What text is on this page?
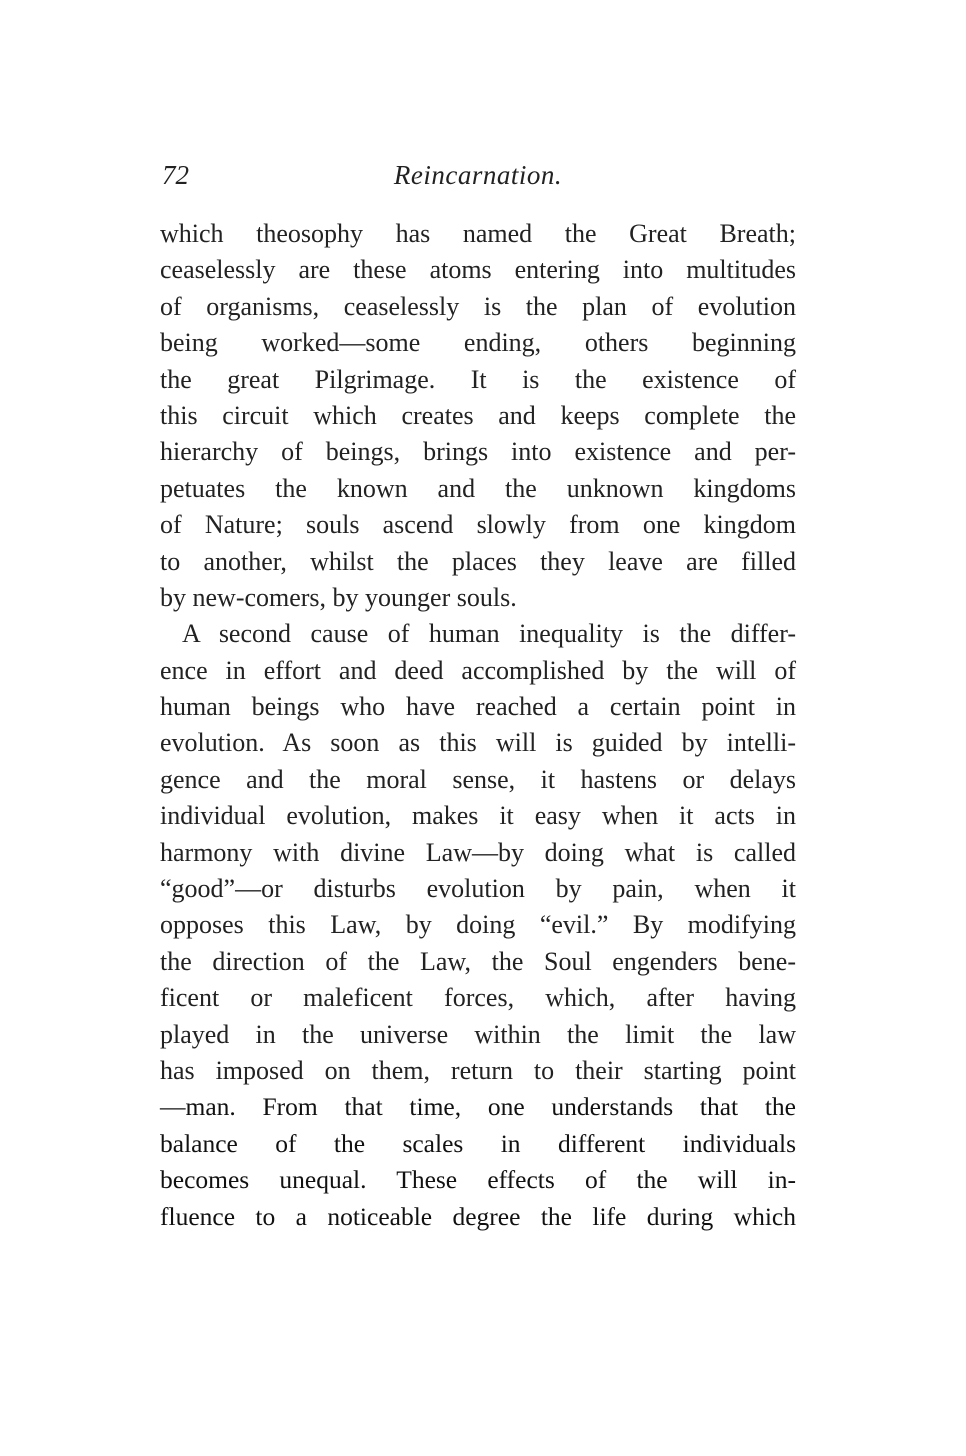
72	Reincarnation.
which theosophy has named the Great Breath;
ceaselessly are these atoms entering into multitudes
of organisms, ceaselessly is the plan of evolution
being worked—some ending, others beginning
the great Pilgrimage. It is the existence of
this circuit which creates and keeps complete the
hierarchy of beings, brings into existence and per-
petuates the known and the unknown kingdoms
of Nature; souls ascend slowly from one kingdom
to another, whilst the places they leave are filled
by new-comers, by younger souls.
A second cause of human inequality is the differ-
ence in effort and deed accomplished by the will of
human beings who have reached a certain point in
evolution. As soon as this will is guided by intelli-
gence and the moral sense, it hastens or delays
individual evolution, makes it easy when it acts in
harmony with divine Law—by doing what is called
“good”—or disturbs evolution by pain, when it
opposes this Law, by doing “evil.” By modifying
the direction of the Law, the Soul engenders bene-
ficent or maleficent forces, which, after having
played in the universe within the limit the law
has imposed on them, return to their starting point
—man. From that time, one understands that the
balance of the scales in different individuals
becomes unequal. These effects of the will in-
fluence to a noticeable degree the life during which
